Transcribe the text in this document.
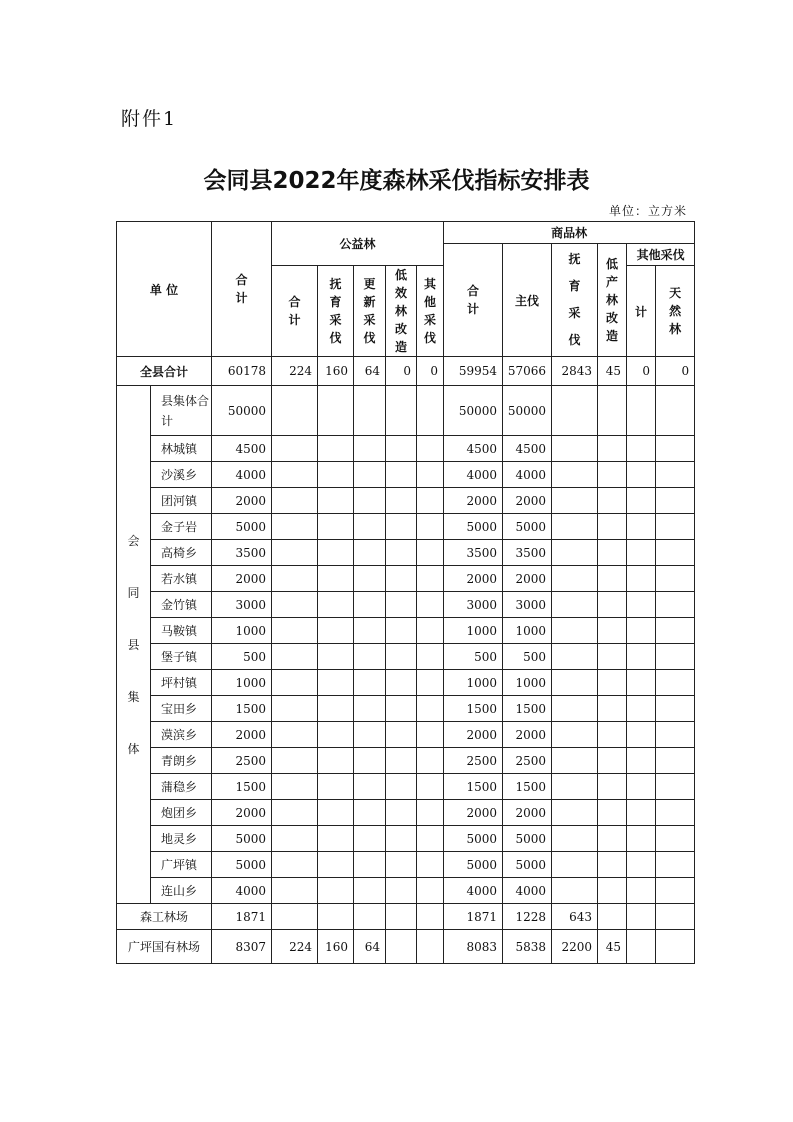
附件1
会同县2022年度森林采伐指标安排表
单位：立方米
单 位		合计	公益林					商品林					
								合计	主伐	抚育采伐	低产林改造	其他采伐	
			合计	抚育采伐	更新采伐	低效林改造	其他采伐					计	天然林
全县合计		60178	224	160	64	0	0	59954	57066	2843	45	0	0
会同县集体	县集体合　计	50000						50000	50000				
	林城镇	4500						4500	4500				
	沙溪乡	4000						4000	4000				
	团河镇	2000						2000	2000				
	金子岩	5000						5000	5000				
	高椅乡	3500						3500	3500				
	若水镇	2000						2000	2000				
	金竹镇	3000						3000	3000				
	马鞍镇	1000						1000	1000				
	堡子镇	500						500	500				
	坪村镇	1000						1000	1000				
	宝田乡	1500						1500	1500				
	漠滨乡	2000						2000	2000				
	青朗乡	2500						2500	2500				
	蒲稳乡	1500						1500	1500				
	炮团乡	2000						2000	2000				
	地灵乡	5000						5000	5000				
	广坪镇	5000						5000	5000				
	连山乡	4000						4000	4000				
森工林场		1871						1871	1228	643			
广坪国有林场		8307	224	160	64			8083	5838	2200	45		
